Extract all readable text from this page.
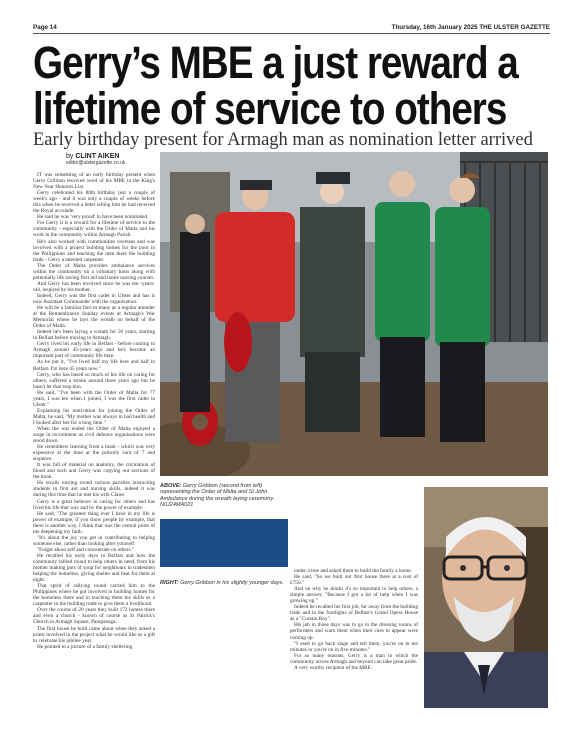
Page 14	Thursday, 16th January 2025 THE ULSTER GAZETTE
Gerry’s MBE a just reward a
lifetime of service to others
Early birthday present for Armagh man as nomination letter arrived
by CLINT AIKEN
editor@ulstergazette.co.uk

IT was something of an early birthday present when Gerry Gribbon received word of his MBE in the King's New Year Honours List.

Gerry celebrated his 80th birthday just a couple of week's ago - and it was only a couple of weeks before this when he received a letter telling him he had received the Royal accolade.

He said he was 'very proud' to have been nominated.

For Gerry it is a reward for a lifetime of service to the community - especially with the Order of Malta and his work in the community within Armagh Parish.

He's also worked with communities overseas and was involved with a project building homes for the poor in the Philippines and teaching the men there the building trade - Gerry a talented carpenter.

The Order of Malta provides ambulance services within the community on a voluntary basis along with potentially life saving first aid and home nursing courses.

And Gerry has been involved since he was ten -years-old, inspired by his mother.

Indeed, Gerry was the first cadet in Ulster and has is now Assistant Commander with the organisation.

He will be a familiar face to many as a regular attender at the Remembrance Sunday events at Armagh's War Memorial where he lays the wreath on behalf of the Order of Malta.

Indeed he's been laying a wreath for 50 years, starting in Belfast before moving to Armagh.

Gerry lived his early life in Belfast - before coming to Armagh around 45-years ago and he's become an important part of community life here.

As he put it, "I've lived half my life here and half in Belfast. I'm here 45 years now."

Gerry, who has based so much of his life on caring for others, suffered a stroke around three years ago but he hasn't let that stop him.

He said, "I've been with the Order of Malta for 77 years, I was ten when I joined, I was the first cadet in Ulster."

Explaining his motivation for joining the Order of Malta, he said, "My mother was always in bad health and I looked after her for a long time."

When the war ended the Order of Malta enjoyed a surge in recruitment as civil defence organisations were stood down.

He remembers learning from a book - which was very expensive at the time at the princely sum of 7 and sixpence.

It was full of material on anatomy, the circulation of blood and such and Gerry was copying out sections of the book.

He recalls touring round various parishes instructing students in first aid and nursing skills, indeed it was during this time that he met his wife Claire.

Gerry is a great believer in caring for others and has lived his life that way and by the power of example.

He said, "The greatest thing ever I have in my life is power of example, if you show people by example, that there is another way. I think that was the central point of me deepening my faith.

"It's about the joy you get in contributing to helping someone else, rather than looking after yourself.

"Forget about self and concentrate on others."

He recalled his early days in Belfast and how the community rallied round to help others in need, from his mother making pots of soup for neighbours to tradesmen helping the homeless, giving shelter and heat for them at night.

That spirit of rallying round carried him to the Philippines where he got involved in building homes for the homeless there and in teaching them his skills as a carpenter in the building trade to give them a livelihood.

Over the course of 20 years they built 172 homes there and even a church - known of course as St Patrick's Church in Armagh Square, Pampanaga.

The first house he built came about when they asked a priest involved in the project what he would like as a gift to celebrate his jubilee year.

He pointed to a picture of a family sheltering

ABOVE: Gerry Gribbon (second from left) representing the Order of Malta and St John Ambulance during the wreath laying ceremony. N0J24MA021
RIGHT: Gerry Gribbon in his slightly younger days.

under a tree and asked them to build the family a home.

He said, "So we built our first house there at a cost of £750."

And on why he thinks it's so important to help others, a simple answer, "Because I got a lot of help when I was growing up."

Indeed he recalled his first job, far away from the building trade and in the footlights of Belfast's Grand Opera House as a "Curtain Boy".

His job in those days was to go to the dressing rooms of performers and warn them when their cues to appear were coming up.

"I used to go back stage and tell them, you're on in ten minutes or you're on in five minutes."

For so many reasons, Gerry is a man in which the community across Armagh and beyond can take great pride.

A very worthy recipient of the MBE.
